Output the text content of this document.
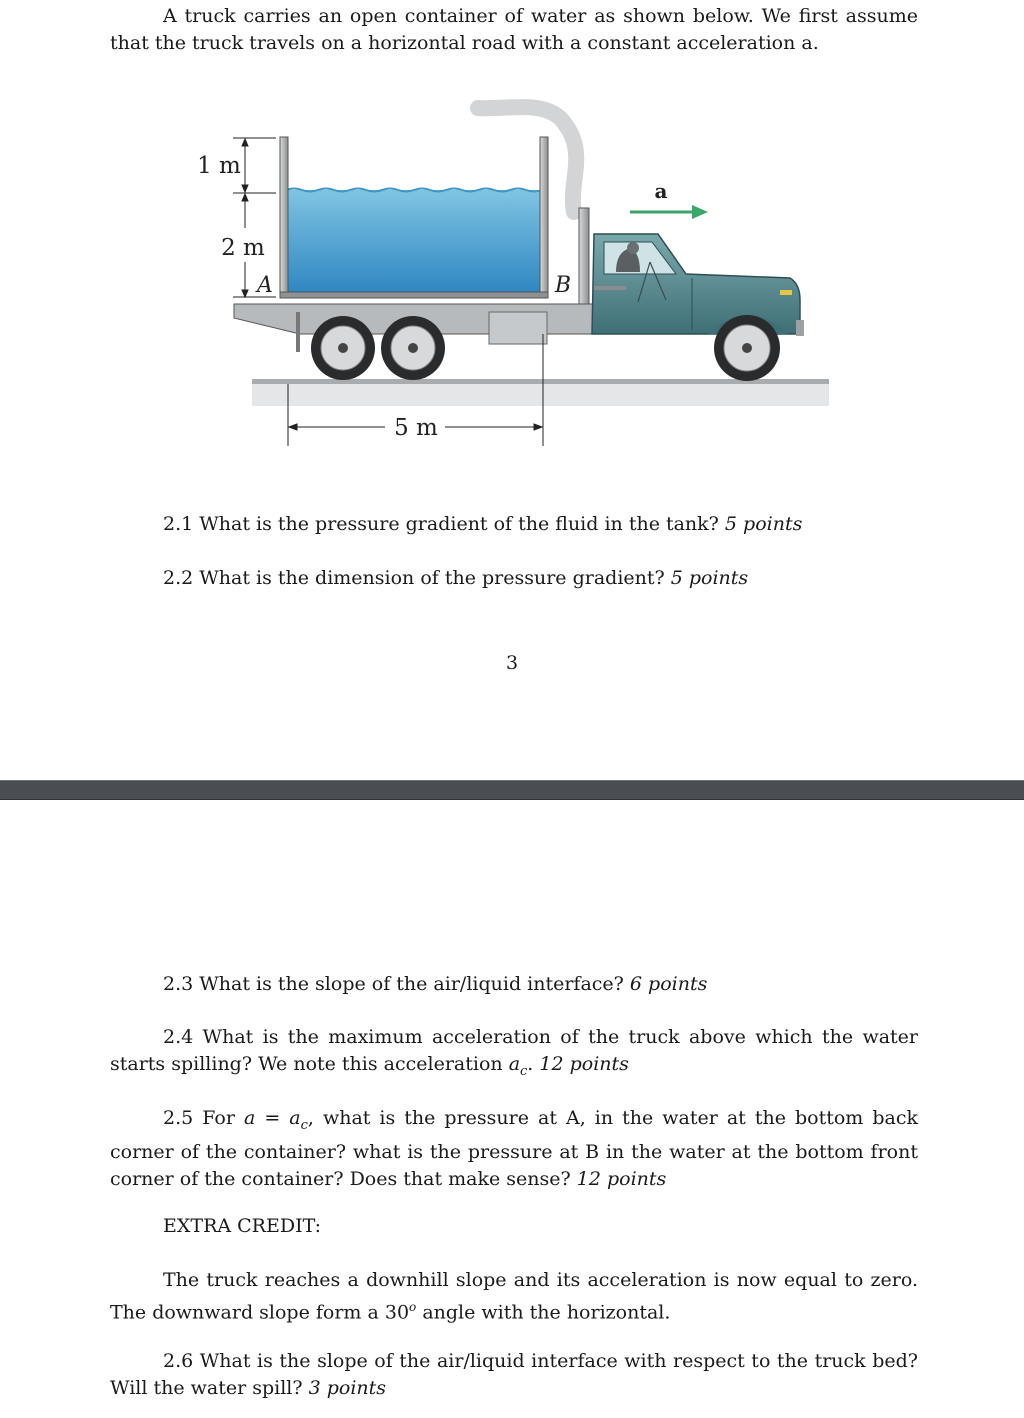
A truck carries an open container of water as shown below. We first assume that the truck travels on a horizontal road with a constant acceleration a.

1 m
2 m
A	B
a
5 m

2.1 What is the pressure gradient of the fluid in the tank? 5 points

2.2 What is the dimension of the pressure gradient? 5 points

3

2.3 What is the slope of the air/liquid interface? 6 points

2.4 What is the maximum acceleration of the truck above which the water starts spilling? We note this acceleration $a_c$. 12 points

2.5 For $a = a_c$, what is the pressure at A, in the water at the bottom back corner of the container? what is the pressure at B in the water at the bottom front corner of the container? Does that make sense? 12 points

EXTRA CREDIT:

The truck reaches a downhill slope and its acceleration is now equal to zero. The downward slope form a 30$^o$ angle with the horizontal.

2.6 What is the slope of the air/liquid interface with respect to the truck bed? Will the water spill? 3 points
